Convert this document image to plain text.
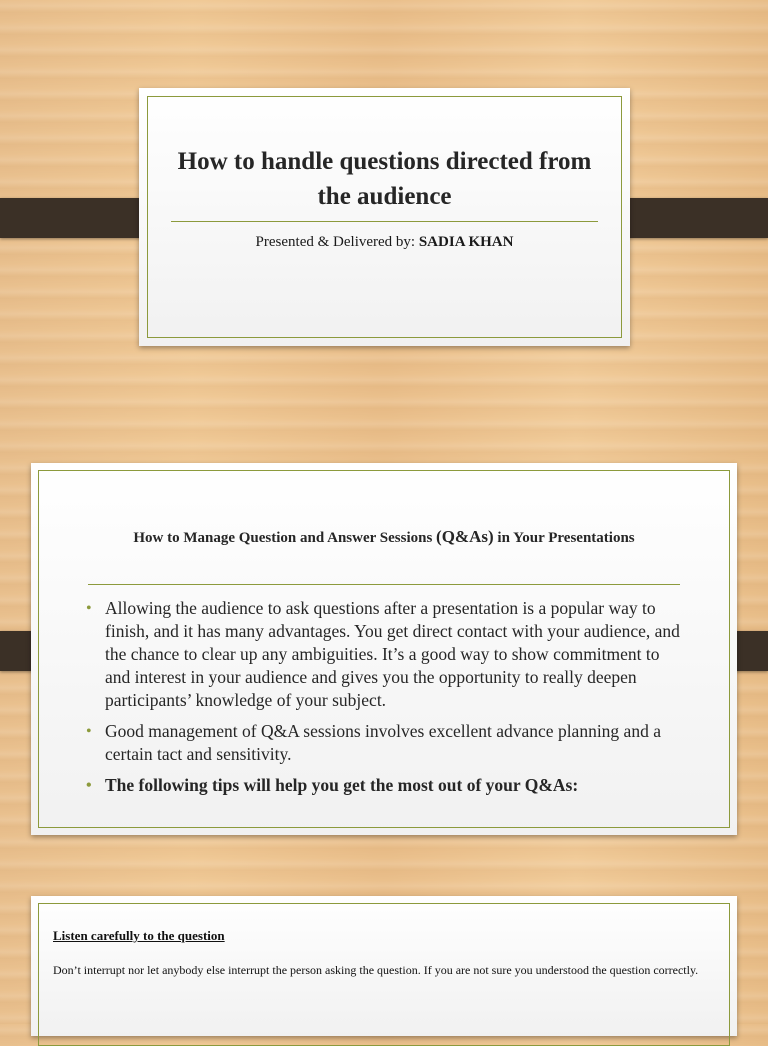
How to handle questions directed from the audience
Presented & Delivered by: SADIA KHAN
How to Manage Question and Answer Sessions (Q&As) in Your Presentations
• Allowing the audience to ask questions after a presentation is a popular way to finish, and it has many advantages. You get direct contact with your audience, and the chance to clear up any ambiguities. It’s a good way to show commitment to and interest in your audience and gives you the opportunity to really deepen participants’ knowledge of your subject.
• Good management of Q&A sessions involves excellent advance planning and a certain tact and sensitivity.
• The following tips will help you get the most out of your Q&As:
Listen carefully to the question
Don’t interrupt nor let anybody else interrupt the person asking the question. If you are not sure you understood the question correctly.
